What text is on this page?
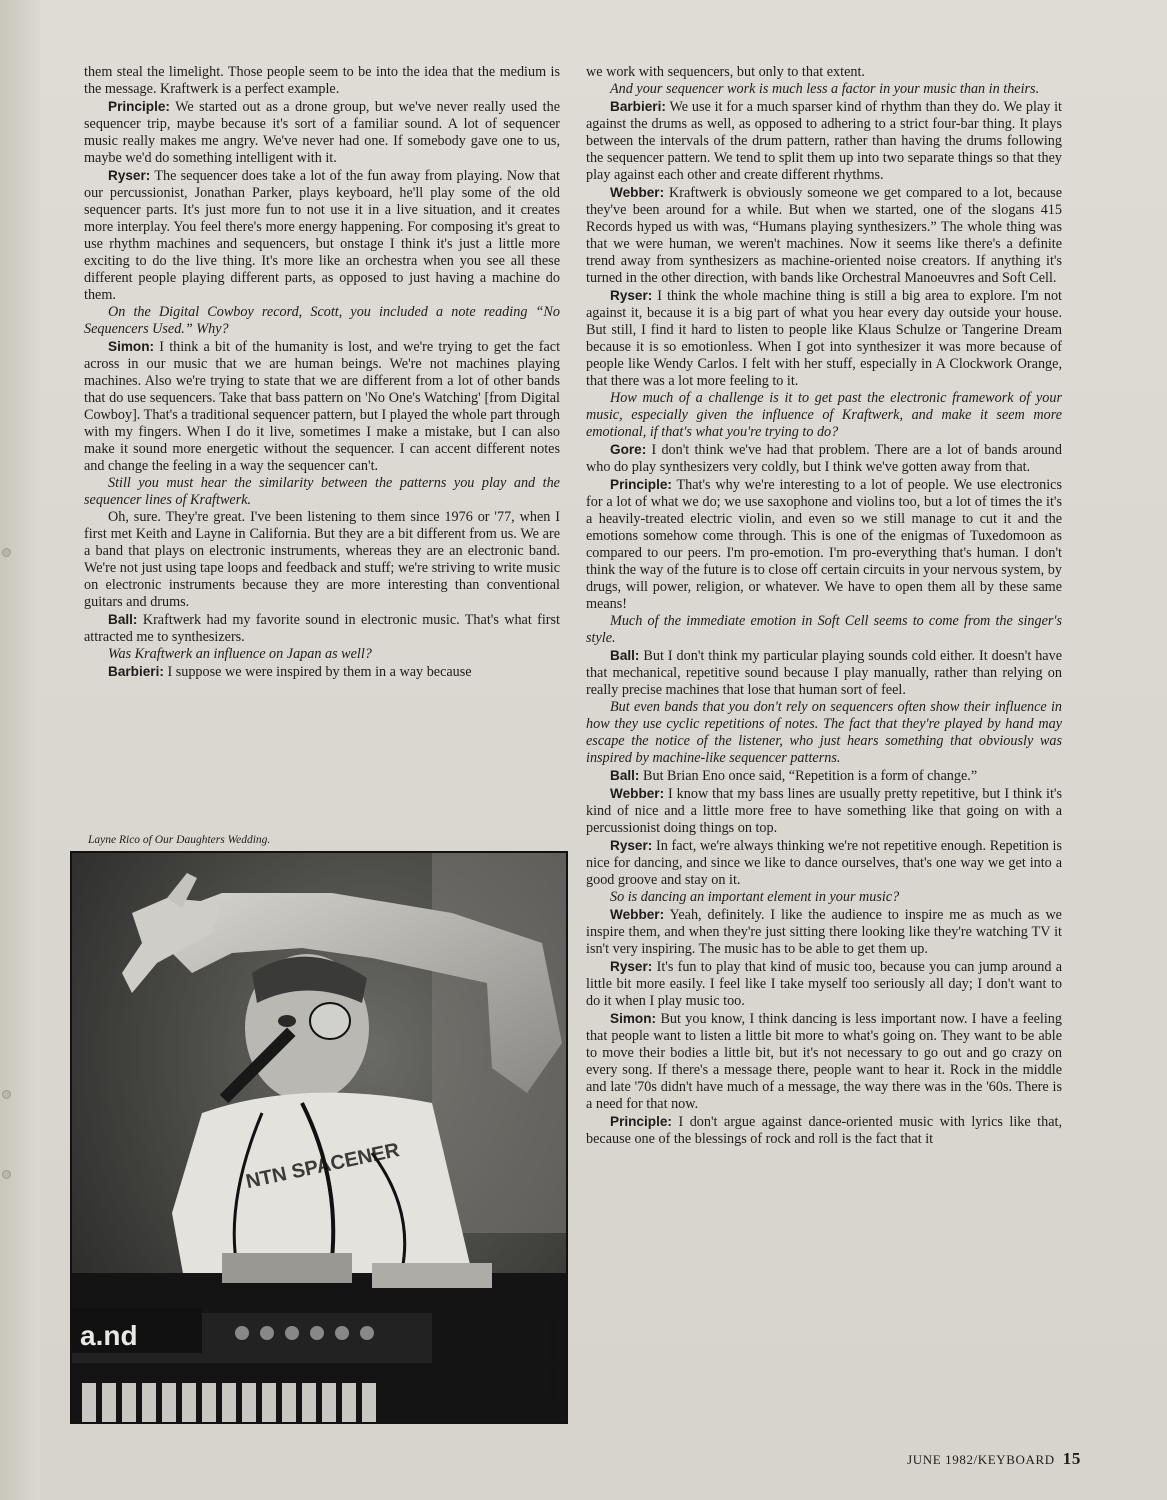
them steal the limelight. Those people seem to be into the idea that the medium is the message. Kraftwerk is a perfect example.

Principle: We started out as a drone group, but we've never really used the sequencer trip, maybe because it's sort of a familiar sound. A lot of sequencer music really makes me angry. We've never had one. If somebody gave one to us, maybe we'd do something intelligent with it.

Ryser: The sequencer does take a lot of the fun away from playing. Now that our percussionist, Jonathan Parker, plays keyboard, he'll play some of the old sequencer parts. It's just more fun to not use it in a live situation, and it creates more interplay. You feel there's more energy happening. For composing it's great to use rhythm machines and sequencers, but onstage I think it's just a little more exciting to do the live thing. It's more like an orchestra when you see all these different people playing different parts, as opposed to just having a machine do them.

On the Digital Cowboy record, Scott, you included a note reading “No Sequencers Used.” Why?

Simon: I think a bit of the humanity is lost, and we're trying to get the fact across in our music that we are human beings. We're not machines playing machines. Also we're trying to state that we are different from a lot of other bands that do use sequencers. Take that bass pattern on 'No One's Watching' [from Digital Cowboy]. That's a traditional sequencer pattern, but I played the whole part through with my fingers. When I do it live, sometimes I make a mistake, but I can also make it sound more energetic without the sequencer. I can accent different notes and change the feeling in a way the sequencer can't.

Still you must hear the similarity between the patterns you play and the sequencer lines of Kraftwerk.

Oh, sure. They're great. I've been listening to them since 1976 or '77, when I first met Keith and Layne in California. But they are a bit different from us. We are a band that plays on electronic instruments, whereas they are an electronic band. We're not just using tape loops and feedback and stuff; we're striving to write music on electronic instruments because they are more interesting than conventional guitars and drums.

Ball: Kraftwerk had my favorite sound in electronic music. That's what first attracted me to synthesizers.

Was Kraftwerk an influence on Japan as well?

Barbieri: I suppose we were inspired by them in a way because

we work with sequencers, but only to that extent.

And your sequencer work is much less a factor in your music than in theirs.

Barbieri: We use it for a much sparser kind of rhythm than they do. We play it against the drums as well, as opposed to adhering to a strict four-bar thing. It plays between the intervals of the drum pattern, rather than having the drums following the sequencer pattern. We tend to split them up into two separate things so that they play against each other and create different rhythms.

Webber: Kraftwerk is obviously someone we get compared to a lot, because they've been around for a while. But when we started, one of the slogans 415 Records hyped us with was, “Humans playing synthesizers.” The whole thing was that we were human, we weren't machines. Now it seems like there's a definite trend away from synthesizers as machine-oriented noise creators. If anything it's turned in the other direction, with bands like Orchestral Manoeuvres and Soft Cell.

Ryser: I think the whole machine thing is still a big area to explore. I'm not against it, because it is a big part of what you hear every day outside your house. But still, I find it hard to listen to people like Klaus Schulze or Tangerine Dream because it is so emotionless. When I got into synthesizer it was more because of people like Wendy Carlos. I felt with her stuff, especially in A Clockwork Orange, that there was a lot more feeling to it.

How much of a challenge is it to get past the electronic framework of your music, especially given the influence of Kraftwerk, and make it seem more emotional, if that's what you're trying to do?

Gore: I don't think we've had that problem. There are a lot of bands around who do play synthesizers very coldly, but I think we've gotten away from that.

Principle: That's why we're interesting to a lot of people. We use electronics for a lot of what we do; we use saxophone and violins too, but a lot of times the it's a heavily-treated electric violin, and even so we still manage to cut it and the emotions somehow come through. This is one of the enigmas of Tuxedomoon as compared to our peers. I'm pro-emotion. I'm pro-everything that's human. I don't think the way of the future is to close off certain circuits in your nervous system, by drugs, will power, religion, or whatever. We have to open them all by these same means!

Much of the immediate emotion in Soft Cell seems to come from the singer's style.

Ball: But I don't think my particular playing sounds cold either. It doesn't have that mechanical, repetitive sound because I play manually, rather than relying on really precise machines that lose that human sort of feel.

But even bands that you don't rely on sequencers often show their influence in how they use cyclic repetitions of notes. The fact that they're played by hand may escape the notice of the listener, who just hears something that obviously was inspired by machine-like sequencer patterns.

Ball: But Brian Eno once said, “Repetition is a form of change.”

Webber: I know that my bass lines are usually pretty repetitive, but I think it's kind of nice and a little more free to have something like that going on with a percussionist doing things on top.

Ryser: In fact, we're always thinking we're not repetitive enough. Repetition is nice for dancing, and since we like to dance ourselves, that's one way we get into a good groove and stay on it.

So is dancing an important element in your music?

Webber: Yeah, definitely. I like the audience to inspire me as much as we inspire them, and when they're just sitting there looking like they're watching TV it isn't very inspiring. The music has to be able to get them up.

Ryser: It's fun to play that kind of music too, because you can jump around a little bit more easily. I feel like I take myself too seriously all day; I don't want to do it when I play music too.

Simon: But you know, I think dancing is less important now. I have a feeling that people want to listen a little bit more to what's going on. They want to be able to move their bodies a little bit, but it's not necessary to go out and go crazy on every song. If there's a message there, people want to hear it. Rock in the middle and late '70s didn't have much of a message, the way there was in the '60s. There is a need for that now.

Principle: I don't argue against dance-oriented music with lyrics like that, because one of the blessings of rock and roll is the fact that it

Layne Rico of Our Daughters Wedding.
NTN SPACENER
a.nd	SUZAN CARSON
JUNE 1982/KEYBOARD 15
